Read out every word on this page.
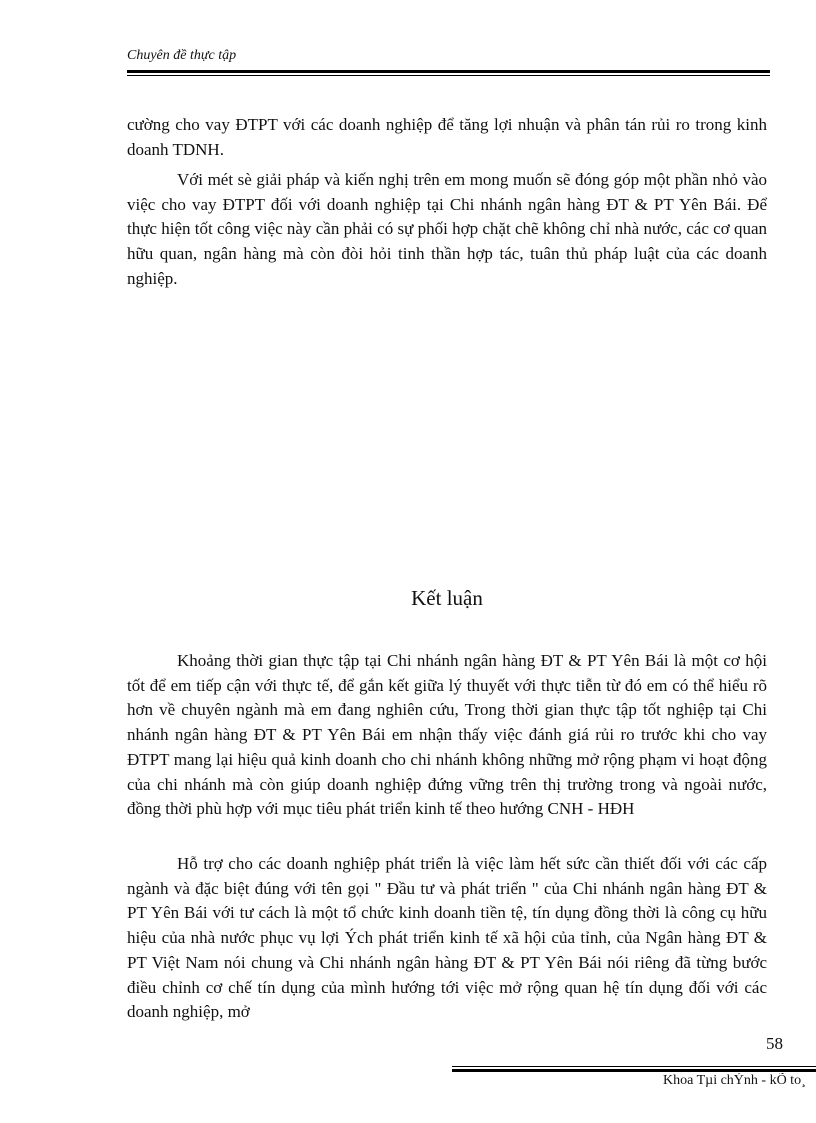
Chuyên đề thực tập

cường cho vay ĐTPT với các doanh nghiệp để tăng lợi nhuận và phân tán rủi ro trong kinh doanh TDNH.

Với mét sè giải pháp và kiến nghị trên em mong muốn sẽ đóng góp một phần nhỏ vào việc cho vay ĐTPT đối với doanh nghiệp tại Chi nhánh ngân hàng ĐT & PT Yên Bái. Để thực hiện tốt công việc này cần phải có sự phối hợp chặt chẽ không chỉ nhà nước, các cơ quan hữu quan, ngân hàng mà còn đòi hỏi tinh thần hợp tác, tuân thủ pháp luật của các doanh nghiệp.

Kết luận

Khoảng thời gian thực tập tại Chi nhánh ngân hàng ĐT & PT Yên Bái là một cơ hội tốt để em tiếp cận với thực tế, để gắn kết giữa lý thuyết với thực tiễn từ đó em có thể hiểu rõ hơn về chuyên ngành mà em đang nghiên cứu, Trong thời gian thực tập tốt nghiệp tại Chi nhánh ngân hàng ĐT & PT Yên Bái em nhận thấy việc đánh giá rủi ro trước khi cho vay ĐTPT mang lại hiệu quả kinh doanh cho chi nhánh không những mở rộng phạm vi hoạt động của chi nhánh mà còn giúp doanh nghiệp đứng vững trên thị trường trong và ngoài nước, đồng thời phù hợp với mục tiêu phát triển kinh tế theo hướng CNH - HĐH

Hỗ trợ cho các doanh nghiệp phát triển là việc làm hết sức cần thiết đối với các cấp ngành và đặc biệt đúng với tên gọi " Đầu tư và phát triển " của Chi nhánh ngân hàng ĐT & PT Yên Bái với tư cách là một tổ chức kinh doanh tiền tệ, tín dụng đồng thời là công cụ hữu hiệu của nhà nước phục vụ lợi Ých phát triển kinh tế xã hội của tỉnh, của Ngân hàng ĐT & PT Việt Nam nói chung và Chi nhánh ngân hàng ĐT & PT Yên Bái nói riêng đã từng bước điều chỉnh cơ chế tín dụng của mình hướng tới việc mở rộng quan hệ tín dụng đối với các doanh nghiệp, mở

58
Khoa Tµi chÝnh - kÕ to¸
